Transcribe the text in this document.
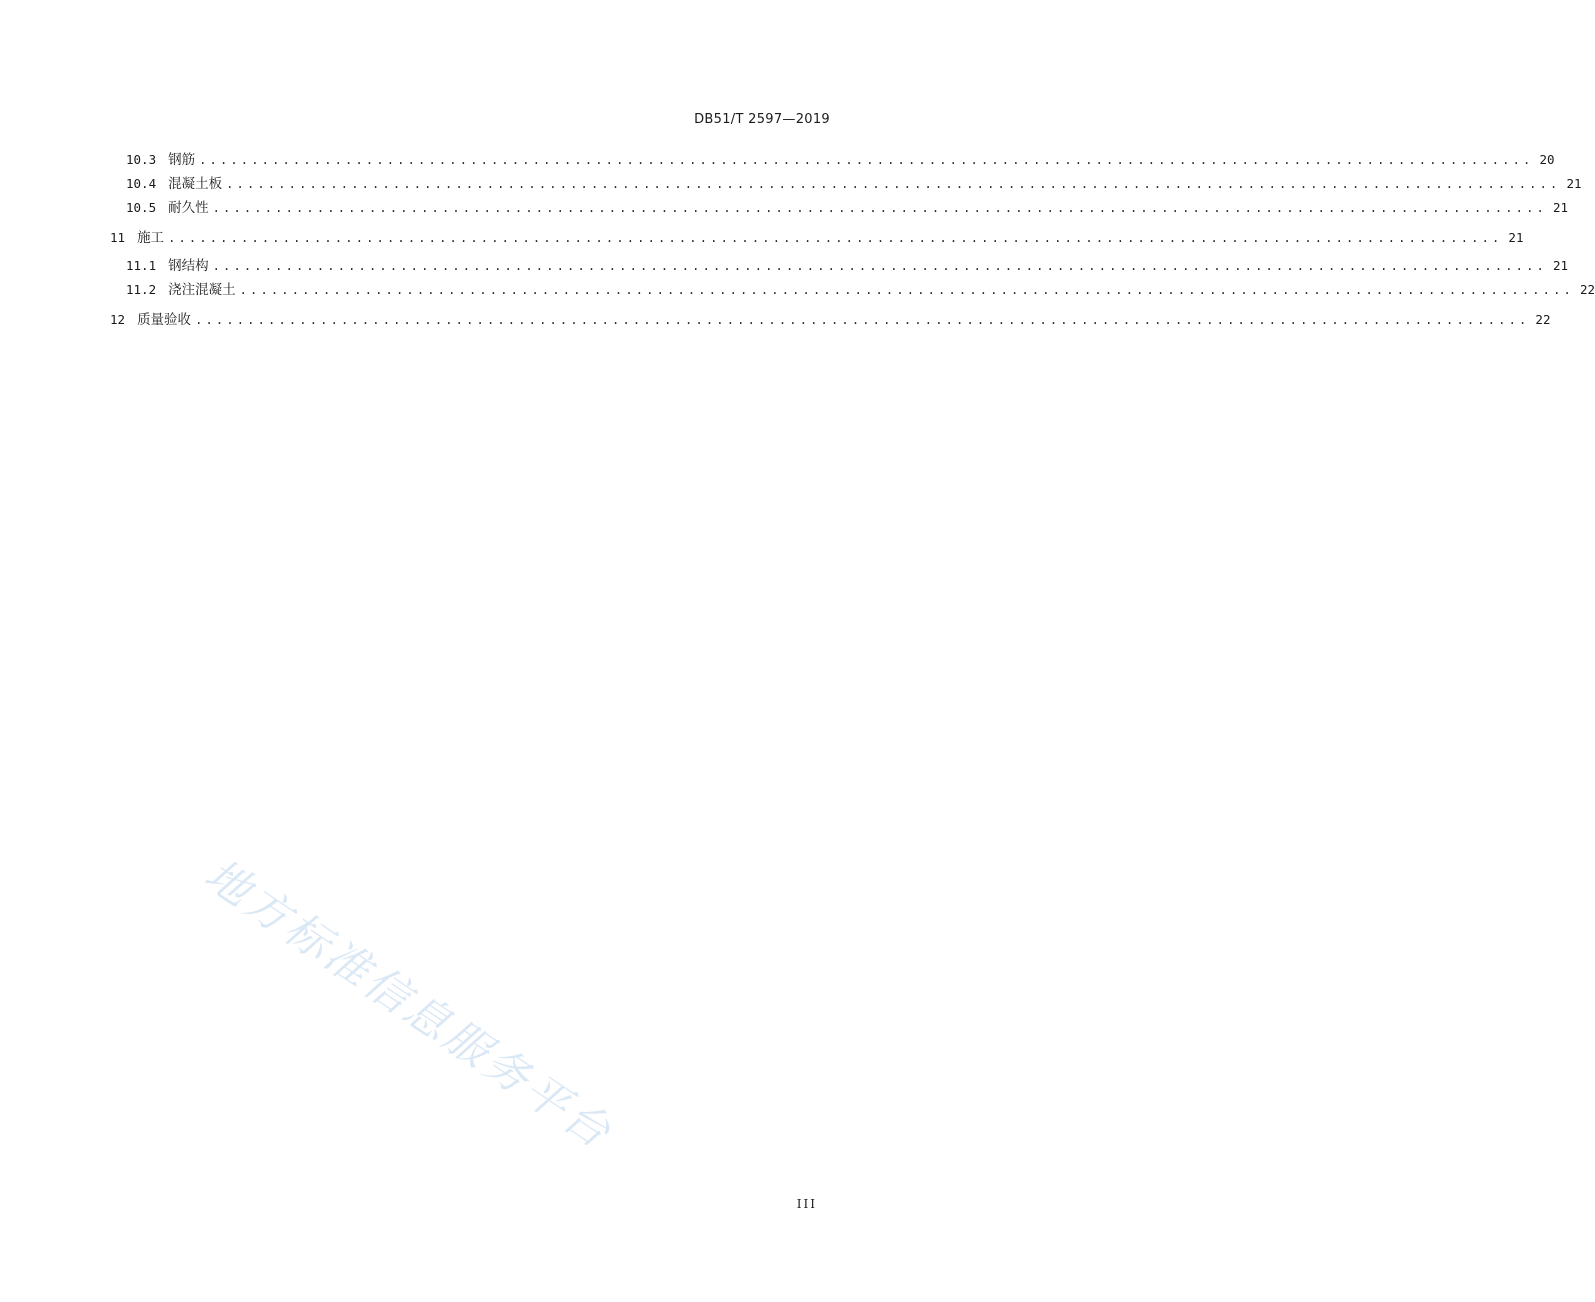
DB51/T 2597—2019
10.3 钢筋 ................................................................................................................................ 20
10.4 混凝土板 ................................................................................................................................ 21
10.5 耐久性 ................................................................................................................................ 21
11 施工 ................................................................................................................................ 21
11.1 钢结构 ................................................................................................................................ 21
11.2 浇注混凝土 ................................................................................................................................ 22
12 质量验收 ................................................................................................................................ 22
地方标准信息服务平台
III
